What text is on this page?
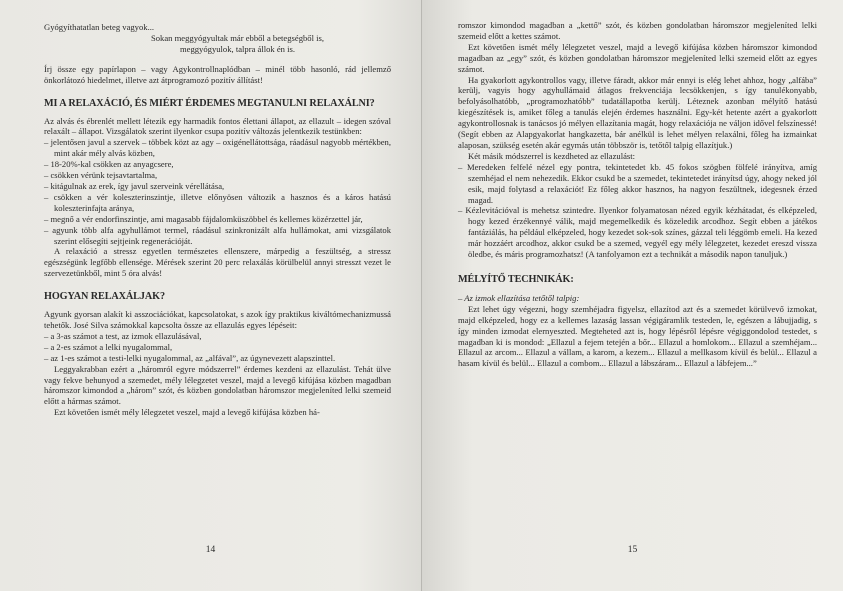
Gyógyíthatatlan beteg vagyok...

Sokan meggyógyultak már ebből a betegségből is,

meggyógyulok, talpra állok én is.

Írj össze egy papírlapon – vagy Agykontrollnaplódban – minél több hasonló, rád jellemző önkorlátozó hiedelmet, illetve azt átprogramozó pozitív állítást!

MI A RELAXÁCIÓ, ÉS MIÉRT ÉRDEMES MEGTANULNI RELAXÁLNI?

Az alvás és ébrenlét mellett létezik egy harmadik fontos élettani állapot, az ellazult – idegen szóval relaxált – állapot. Vizsgálatok szerint ilyenkor csupa pozitív változás jelentkezik testünkben:

– jelentősen javul a szervek – többek közt az agy – oxigénellátottsága, ráadásul nagyobb mértékben, mint akár mély alvás közben,
– 18-20%-kal csökken az anyagcsere,
– csökken vérünk tejsavtartalma,
– kitágulnak az erek, így javul szerveink vérellátása,
– csökken a vér koleszterinszintje, illetve előnyösen változik a hasznos és a káros hatású koleszterinfajta aránya,
– megnő a vér endorfinszintje, ami magasabb fájdalomküszöbbel és kellemes közérzettel jár,
– agyunk több alfa agyhullámot termel, ráadásul szinkronizált alfa hullámokat, ami vizsgálatok szerint elősegíti sejtjeink regenerációját.

A relaxáció a stressz egyetlen természetes ellenszere, márpedig a feszültség, a stressz egészségünk legfőbb ellensége. Mérések szerint 20 perc relaxálás körülbelül annyi stresszt vezet le szervezetünkből, mint 5 óra alvás!

HOGYAN RELAXÁLJAK?

Agyunk gyorsan alakít ki asszociációkat, kapcsolatokat, s azok így praktikus kiváltómechanizmussá tehetők. José Silva számokkal kapcsolta össze az ellazulás egyes lépéseit:

– a 3-as számot a test, az izmok ellazulásával,
– a 2-es számot a lelki nyugalommal,
– az 1-es számot a testi-lelki nyugalommal, az „alfával”, az úgynevezett alapszinttel.

Leggyakrabban ezért a „háromról egyre módszerrel” érdemes kezdeni az ellazulást. Tehát ülve vagy fekve behunyod a szemedet, mély lélegzetet veszel, majd a levegő kifújása közben magadban háromszor kimondod a „három” szót, és közben gondolatban háromszor megjeleníted lelki szemeid előtt a hármas számot.

Ezt követően ismét mély lélegzetet veszel, majd a levegő kifújása közben há-

14

romszor kimondod magadban a „kettő” szót, és közben gondolatban háromszor megjeleníted lelki szemeid előtt a kettes számot.

Ezt követően ismét mély lélegzetet veszel, majd a levegő kifújása közben háromszor kimondod magadban az „egy” szót, és közben gondolatban háromszor megjeleníted lelki szemeid előtt az egyes számot.

Ha gyakorlott agykontrollos vagy, illetve fáradt, akkor már ennyi is elég lehet ahhoz, hogy „alfába” kerülj, vagyis hogy agyhullámaid átlagos frekvenciája lecsökkenjen, s így tanulékonyabb, befolyásolhatóbb, „programozhatóbb” tudatállapotba kerülj. Léteznek azonban mélyítő hatású kiegészítések is, amiket főleg a tanulás elején érdemes használni. Egy-két hetente azért a gyakorlott agykontrollosnak is tanácsos jó mélyen ellazítania magát, hogy relaxációja ne váljon idővel felszínessé! (Segít ebben az Alapgyakorlat hangkazetta, bár anélkül is lehet mélyen relaxálni, főleg ha izmainkat alaposan, szükség esetén akár egymás után többször is, tetőtől talpig ellazítjuk.)

Két másik módszerrel is kezdheted az ellazulást:

– Meredeken felfelé nézel egy pontra, tekintetedet kb. 45 fokos szögben fölfelé irányítva, amíg szemhéjad el nem nehezedik. Ekkor csukd be a szemedet, tekintetedet irányítsd úgy, ahogy neked jól esik, majd folytasd a relaxációt! Ez főleg akkor hasznos, ha nagyon feszültnek, idegesnek érzed magad.
– Kézlevitációval is mehetsz szintedre. Ilyenkor folyamatosan nézed egyik kézhátadat, és elképzeled, hogy kezed érzékennyé válik, majd megemelkedik és közeledik arcodhoz. Segít ebben a játékos fantáziálás, ha például elképzeled, hogy kezedet sok-sok színes, gázzal teli léggömb emeli. Ha kezed már hozzáért arcodhoz, akkor csukd be a szemed, vegyél egy mély lélegzetet, kezedet ereszd vissza öledbe, és máris programozhatsz! (A tanfolyamon ezt a technikát a második napon tanuljuk.)
MÉLYÍTŐ TECHNIKÁK:

– Az izmok ellazítása tetőtől talpig:

Ezt lehet úgy végezni, hogy szemhéjadra figyelsz, ellazítod azt és a szemedet körülvevő izmokat, majd elképzeled, hogy ez a kellemes lazaság lassan végigáramlik testeden, le, egészen a lábujjadig, s így minden izmodat elernyeszted. Megteheted azt is, hogy lépésről lépésre végiggondolod testedet, s magadban ki is mondod: „Ellazul a fejem tetején a bőr... Ellazul a homlokom... Ellazul a szemhéjam... Ellazul az arcom... Ellazul a vállam, a karom, a kezem... Ellazul a mellkasom kívül és belül... Ellazul a hasam kívül és belül... Ellazul a combom... Ellazul a lábszáram... Ellazul a lábfejem...”

15
